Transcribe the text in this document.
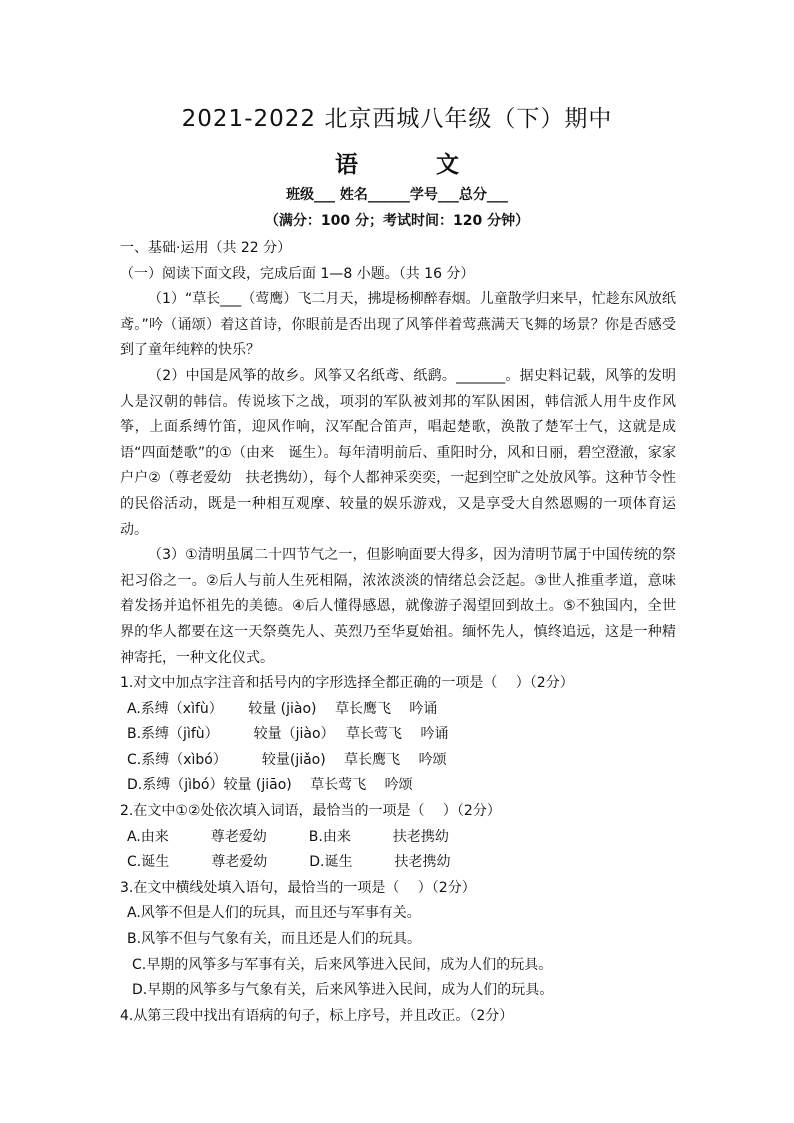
2021-2022 北京西城八年级（下）期中
语	文
班级___ 姓名______学号___总分___
（满分：100 分；考试时间：120 分钟）

一、基础·运用（共 22 分）

（一）阅读下面文段，完成后面 1—8 小题。（共 16 分）

（1）“草长___（莺鹰）飞二月天，拂堤杨柳醉春烟。儿童散学归来早，忙趁东风放纸鸢。”吟（诵颂）着这首诗，你眼前是否出现了风筝伴着莺燕满天飞舞的场景？你是否感受到了童年纯粹的快乐？

（2）中国是风筝的故乡。风筝又名纸鸢、纸鹞。_______。据史料记载，风筝的发明人是汉朝的韩信。传说垓下之战，项羽的军队被刘邦的军队困困，韩信派人用牛皮作风筝，上面系缚竹笛，迎风作响，汉军配合笛声，唱起楚歌，涣散了楚军士气，这就是成语“四面楚歌”的①（由来　诞生）。每年清明前后、重阳时分，风和日丽，碧空澄澈，家家户户②（尊老爱幼　扶老携幼），每个人都神采奕奕，一起到空旷之处放风筝。这种节令性的民俗活动，既是一种相互观摩、较量的娱乐游戏，又是享受大自然恩赐的一项体育运动。

（3）①清明虽属二十四节气之一，但影响面要大得多，因为清明节属于中国传统的祭祀习俗之一。②后人与前人生死相隔，浓浓淡淡的情绪总会泛起。③世人推重孝道，意味着发扬并追怀祖先的美德。④后人懂得感恩，就像游子渴望回到故土。⑤不独国内，全世界的华人都要在这一天祭奠先人、英烈乃至华夏始祖。缅怀先人，慎终追远，这是一种精神寄托，一种文化仪式。

1.对文中加点字注音和括号内的字形选择全都正确的一项是（　 ）（2分）

A.系缚（xìfù）　　 较量 (jiào)　 草长鹰飞　 吟诵

B.系缚（jìfù）　　　较量（jiào）　 草长莺飞　 吟诵

C.系缚（xìbó）　　　较量(jiǎo)　 草长鹰飞　 吟颂

D.系缚（jìbó）较量 (jiāo)　 草长莺飞　 吟颂

2.在文中①②处依次填入词语，最恰当的一项是（　 ）（2分）

A.由来　　　尊老爱幼　　　B.由来　　　扶老携幼

C.诞生　　　尊老爱幼　　　D.诞生　　　扶老携幼

3.在文中横线处填入语句，最恰当的一项是（　 ）（2分）

A.风筝不但是人们的玩具，而且还与军事有关。

B.风筝不但与气象有关，而且还是人们的玩具。

C.早期的风筝多与军事有关，后来风筝进入民间，成为人们的玩具。

D.早期的风筝多与气象有关，后来风筝进入民间，成为人们的玩具。

4.从第三段中找出有语病的句子，标上序号，并且改正。（2分）
